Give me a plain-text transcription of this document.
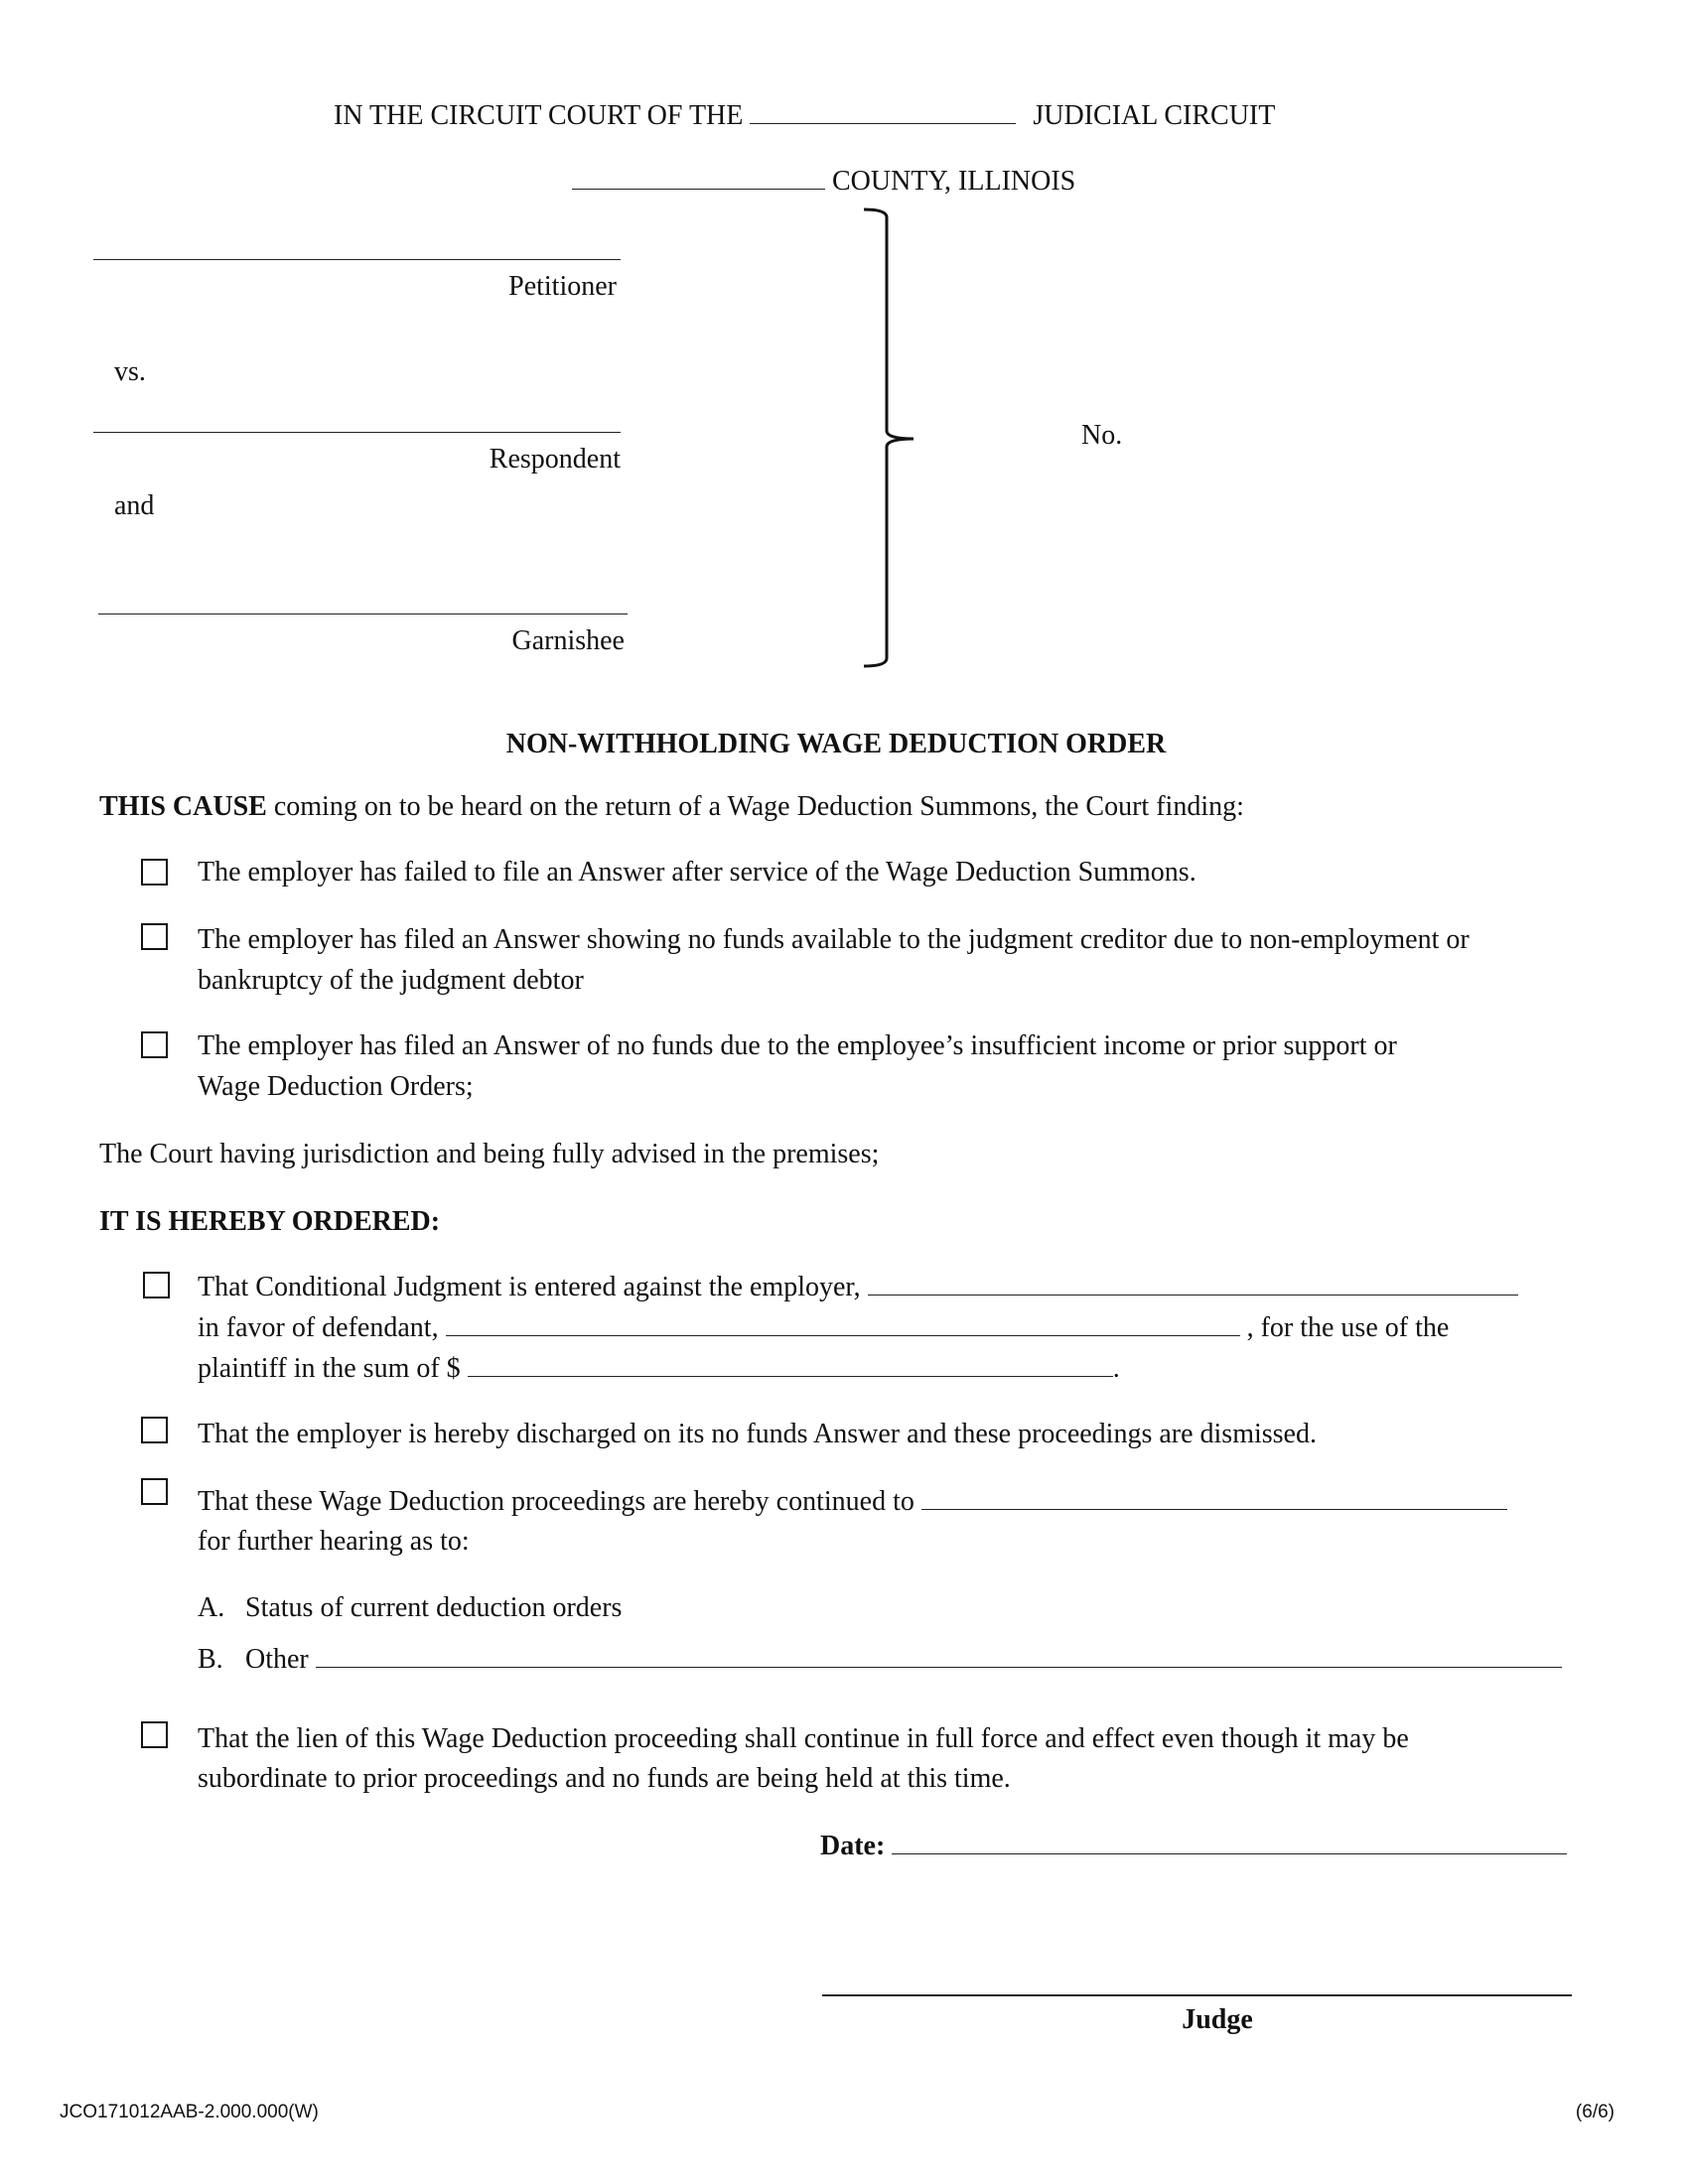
IN THE CIRCUIT COURT OF THE	JUDICIAL CIRCUIT
COUNTY, ILLINOIS
Petitioner
vs.
Respondent
and
Garnishee
No.
NON-WITHHOLDING WAGE DEDUCTION ORDER
THIS CAUSE coming on to be heard on the return of a Wage Deduction Summons, the Court finding:
The employer has failed to file an Answer after service of the Wage Deduction Summons.
The employer has filed an Answer showing no funds available to the judgment creditor due to non-employment or
bankruptcy of the judgment debtor
The employer has filed an Answer of no funds due to the employee’s insufficient income or prior support or
Wage Deduction Orders;
The Court having jurisdiction and being fully advised in the premises;
IT IS HEREBY ORDERED:
That Conditional Judgment is entered against the employer,
in favor of defendant,	, for the use of the
plaintiff in the sum of $	.
That the employer is hereby discharged on its no funds Answer and these proceedings are dismissed.
That these Wage Deduction proceedings are hereby continued to
for further hearing as to:
A. Status of current deduction orders
B. Other
That the lien of this Wage Deduction proceeding shall continue in full force and effect even though it may be
subordinate to prior proceedings and no funds are being held at this time.
Date:
Judge
JCO171012AAB-2.000.000(W)	(6/6)
